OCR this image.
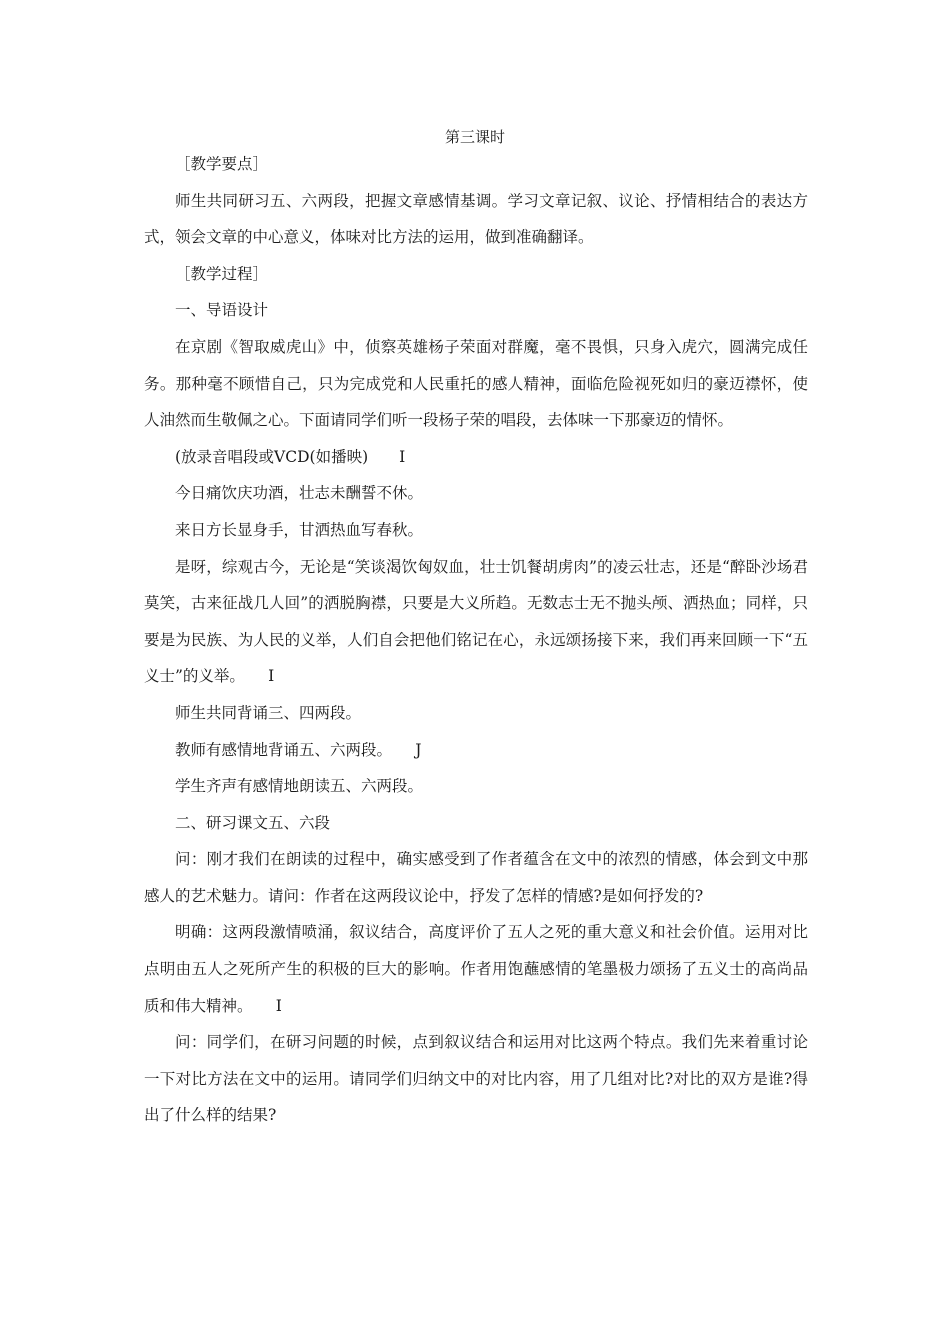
第三课时

［教学要点］

师生共同研习五、六两段，把握文章感情基调。学习文章记叙、议论、抒情相结合的表达方式，领会文章的中心意义，体味对比方法的运用，做到准确翻译。

［教学过程］

一、导语设计

在京剧《智取威虎山》中，侦察英雄杨子荣面对群魔，毫不畏惧，只身入虎穴，圆满完成任务。那种毫不顾惜自己，只为完成党和人民重托的感人精神，面临危险视死如归的豪迈襟怀，使人油然而生敬佩之心。下面请同学们听一段杨子荣的唱段，去体味一下那豪迈的情怀。

(放录音唱段或VCD(如播映)　　I

今日痛饮庆功酒，壮志未酬誓不休。

来日方长显身手，甘洒热血写春秋。

是呀，综观古今，无论是“笑谈渴饮匈奴血，壮士饥餐胡虏肉”的凌云壮志，还是“醉卧沙场君莫笑，古来征战几人回”的洒脱胸襟，只要是大义所趋。无数志士无不抛头颅、洒热血；同样，只要是为民族、为人民的义举，人们自会把他们铭记在心，永远颂扬接下来，我们再来回顾一下“五义士”的义举。　　I

师生共同背诵三、四两段。

教师有感情地背诵五、六两段。　　J

学生齐声有感情地朗读五、六两段。

二、研习课文五、六段

问：刚才我们在朗读的过程中，确实感受到了作者蕴含在文中的浓烈的情感，体会到文中那感人的艺术魅力。请问：作者在这两段议论中，抒发了怎样的情感?是如何抒发的?

明确：这两段激情喷涌，叙议结合，高度评价了五人之死的重大意义和社会价值。运用对比点明由五人之死所产生的积极的巨大的影响。作者用饱蘸感情的笔墨极力颂扬了五义士的高尚品质和伟大精神。　　I

问：同学们，在研习问题的时候，点到叙议结合和运用对比这两个特点。我们先来着重讨论一下对比方法在文中的运用。请同学们归纳文中的对比内容，用了几组对比?对比的双方是谁?得出了什么样的结果?
